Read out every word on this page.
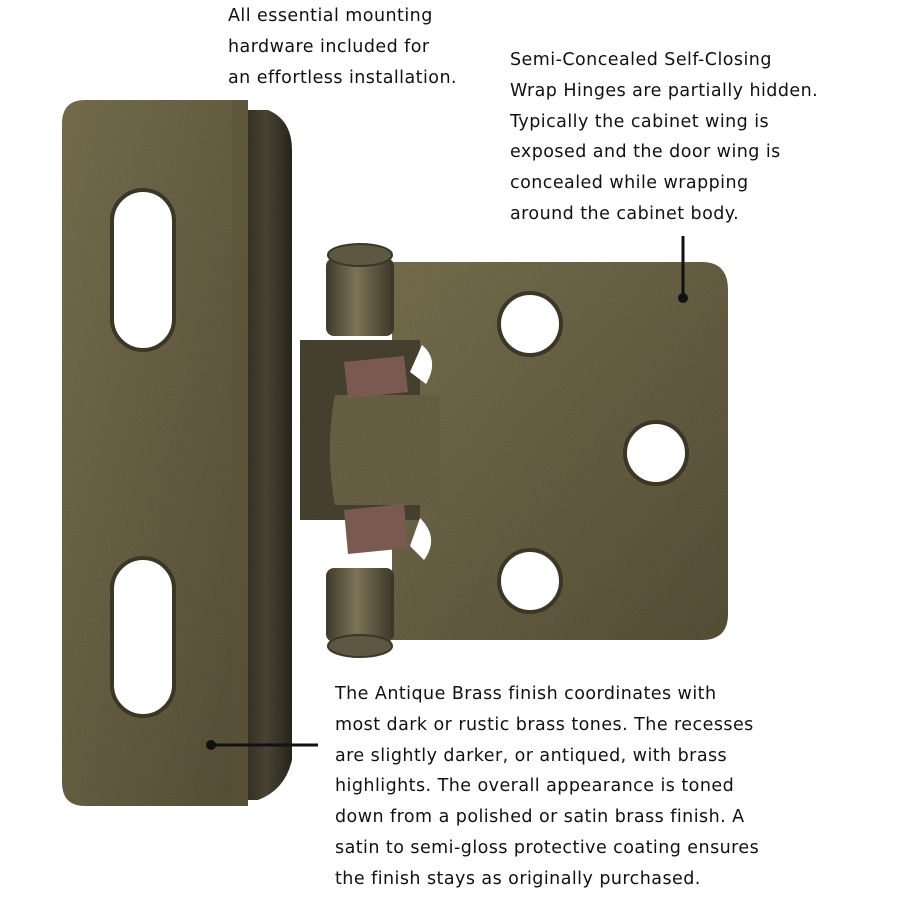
All essential mounting
hardware included for
an effortless installation.

Semi-Concealed Self-Closing
Wrap Hinges are partially hidden.
Typically the cabinet wing is
exposed and the door wing is
concealed while wrapping
around the cabinet body.

The Antique Brass finish coordinates with
most dark or rustic brass tones. The recesses
are slightly darker, or antiqued, with brass
highlights. The overall appearance is toned
down from a polished or satin brass finish. A
satin to semi-gloss protective coating ensures
the finish stays as originally purchased.
